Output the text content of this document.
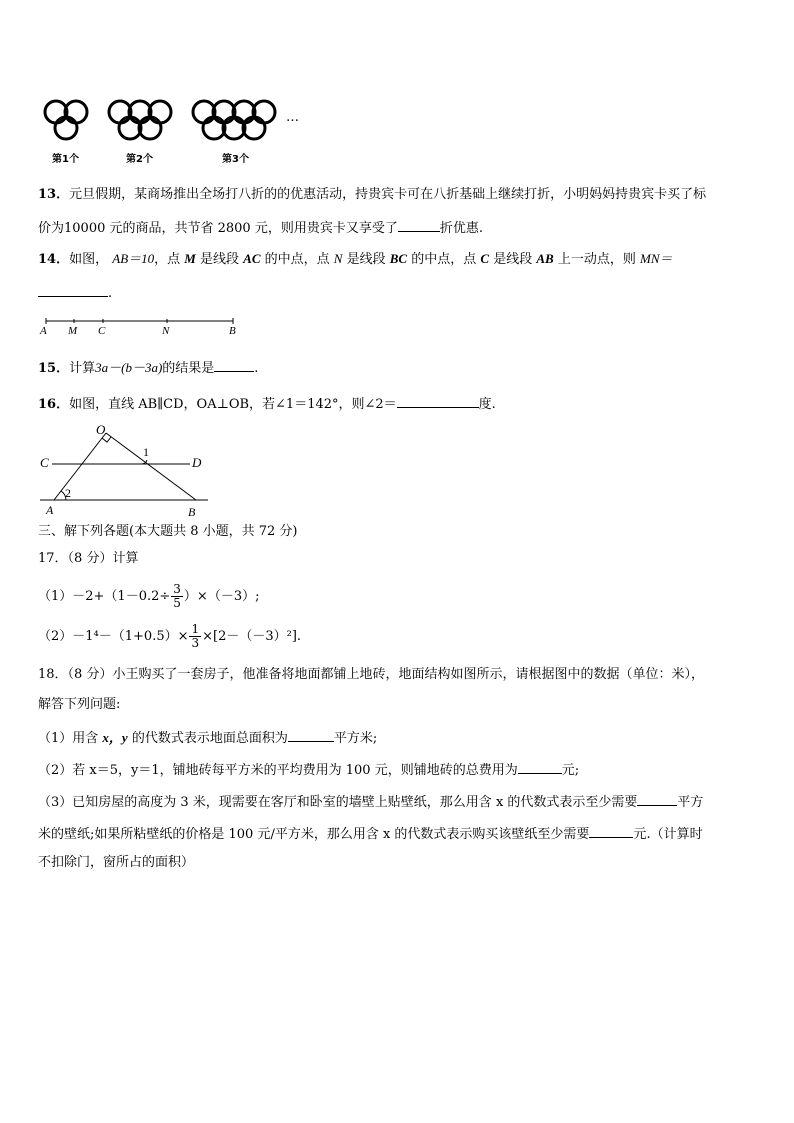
…
第1个	第2个	第3个
13．元旦假期，某商场推出全场打八折的的优惠活动，持贵宾卡可在八折基础上继续打折，小明妈妈持贵宾卡买了标
价为10000 元的商品，共节省 2800 元，则用贵宾卡又享受了	折优惠.
14．如图， AB＝10，点 M 是线段 AC 的中点，点 N 是线段 BC 的中点，点 C 是线段 AB 上一动点，则 MN＝
.
A M C	N	B
15．计算3a－(b－3a)的结果是	.
16．如图，直线 AB∥CD，OA⊥OB，若∠1＝142°，则∠2＝	度.
O
C	D
A	B
1
2
三、解下列各题(本大题共 8 小题，共 72 分)
17．（8 分）计算
$(1)-2+(1-0.2\div \frac{3}{5} )\times(-3)$;
$(2)-1^4-(1+0.5)\times \frac{1}{3} \times[2-(-3)^2]$.
18．（8 分）小王购买了一套房子，他准备将地面都铺上地砖，地面结构如图所示，请根据图中的数据（单位：米），
解答下列问题:
（1）用含 x，y 的代数式表示地面总面积为	平方米;
（2）若 x＝5，y＝1，铺地砖每平方米的平均费用为 100 元，则铺地砖的总费用为	元;
（3）已知房屋的高度为 3 米，现需要在客厅和卧室的墙壁上贴壁纸，那么用含 x 的代数式表示至少需要	平方
米的壁纸;如果所粘壁纸的价格是 100 元/平方米，那么用含 x 的代数式表示购买该壁纸至少需要	元.（计算时
不扣除门，窗所占的面积）
